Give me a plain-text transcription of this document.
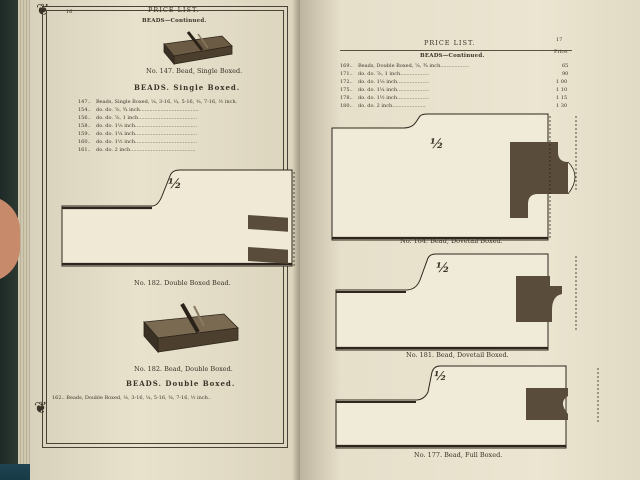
❦
❦
16	PRICE LIST.
BEADS—Continued.
No. 147. Bead, Single Boxed.
BEADS. Single Boxed.
147.. Beads, Single Boxed, ⅛, 3-16, ¼, 5-16, ⅜, 7-16, ½ inch.
154.. do. do. ⅝, ¾ inch.....................................
156.. do. do. ⅞, 1 inch.....................................
158.. do. do. 1⅛ inch.......................................
159.. do. do. 1¼ inch.......................................
160.. do. do. 1½ inch.......................................
161.. do. do. 2 inch.........................................
½
No. 182. Double Boxed Bead.
No. 182. Bead, Double Boxed.
BEADS. Double Boxed.
162.. Beads, Double Boxed, ⅛, 3-16, ¼, 5-16, ⅜, 7-16, ½ inch..
PRICE LIST.	17
Price.
BEADS—Continued.
169.. Beads, Double Boxed, ⅝, ¾ inch..................	65
171.. do. do. ⅞, 1 inch..................	90
172.. do. do. 1⅛ inch....................	1 00
175.. do. do. 1¼ inch....................	1 10
178.. do. do. 1½ inch....................	1 15
180.. do. do. 2 inch.....................	1 30
½
No. 184. Bead, Dovetail Boxed.
½
No. 181. Bead, Dovetail Boxed.
½
No. 177. Bead, Full Boxed.
